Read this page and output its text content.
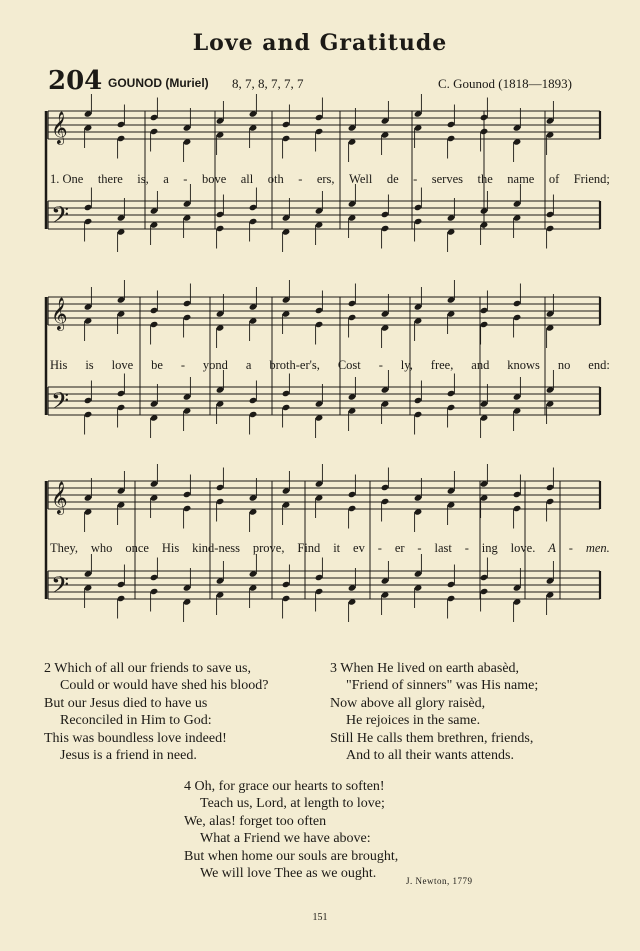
Love and Gratitude
204 GOUNOD (Muriel) 8, 7, 8, 7, 7, 7	C. Gounod (1818—1893)
𝄞
𝄢
𝄞
𝄢
𝄞
𝄢
1. One there is, a - bove all oth - ers, Well de - serves the name of Friend;
His is love be - yond a broth-er's, Cost - ly, free, and knows no end:
They, who once His kind-ness prove, Find it ev - er - last - ing love. A - men.
2 Which of all our friends to save us,
Could or would have shed his blood?
But our Jesus died to have us
Reconciled in Him to God:
This was boundless love indeed!
Jesus is a friend in need.
3 When He lived on earth abasèd,
"Friend of sinners" was His name;
Now above all glory raisèd,
He rejoices in the same.
Still He calls them brethren, friends,
And to all their wants attends.
4 Oh, for grace our hearts to soften!
Teach us, Lord, at length to love;
We, alas! forget too often
What a Friend we have above:
But when home our souls are brought,
We will love Thee as we ought.	J. Newton, 1779
151
